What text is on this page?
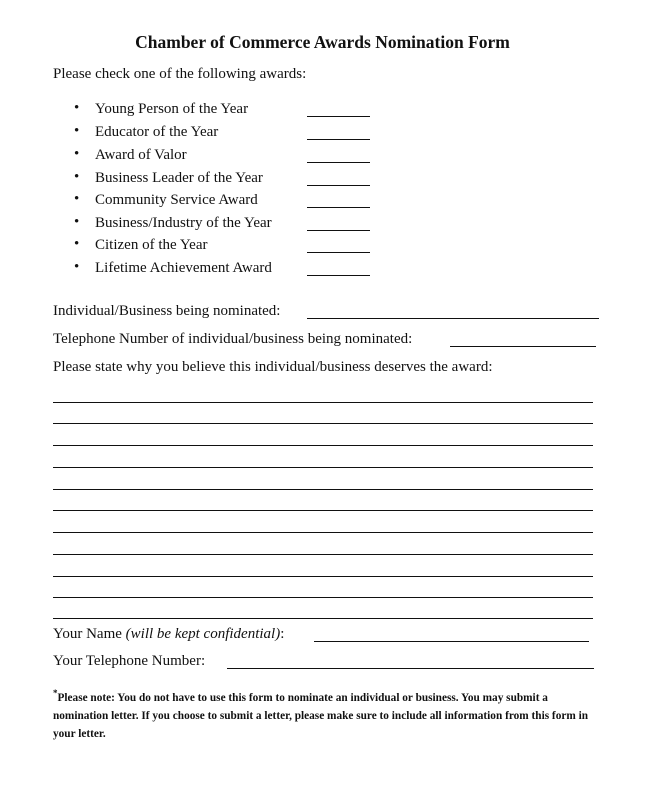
Chamber of Commerce Awards Nomination Form
Please check one of the following awards:
• Young Person of the Year
• Educator of the Year
• Award of Valor
• Business Leader of the Year
• Community Service Award
• Business/Industry of the Year
• Citizen of the Year
• Lifetime Achievement Award
Individual/Business being nominated:
Telephone Number of individual/business being nominated:
Please state why you believe this individual/business deserves the award:
Your Name (will be kept confidential):
Your Telephone Number:
*Please note: You do not have to use this form to nominate an individual or business. You may submit a nomination letter. If you choose to submit a letter, please make sure to include all information from this form in your letter.
